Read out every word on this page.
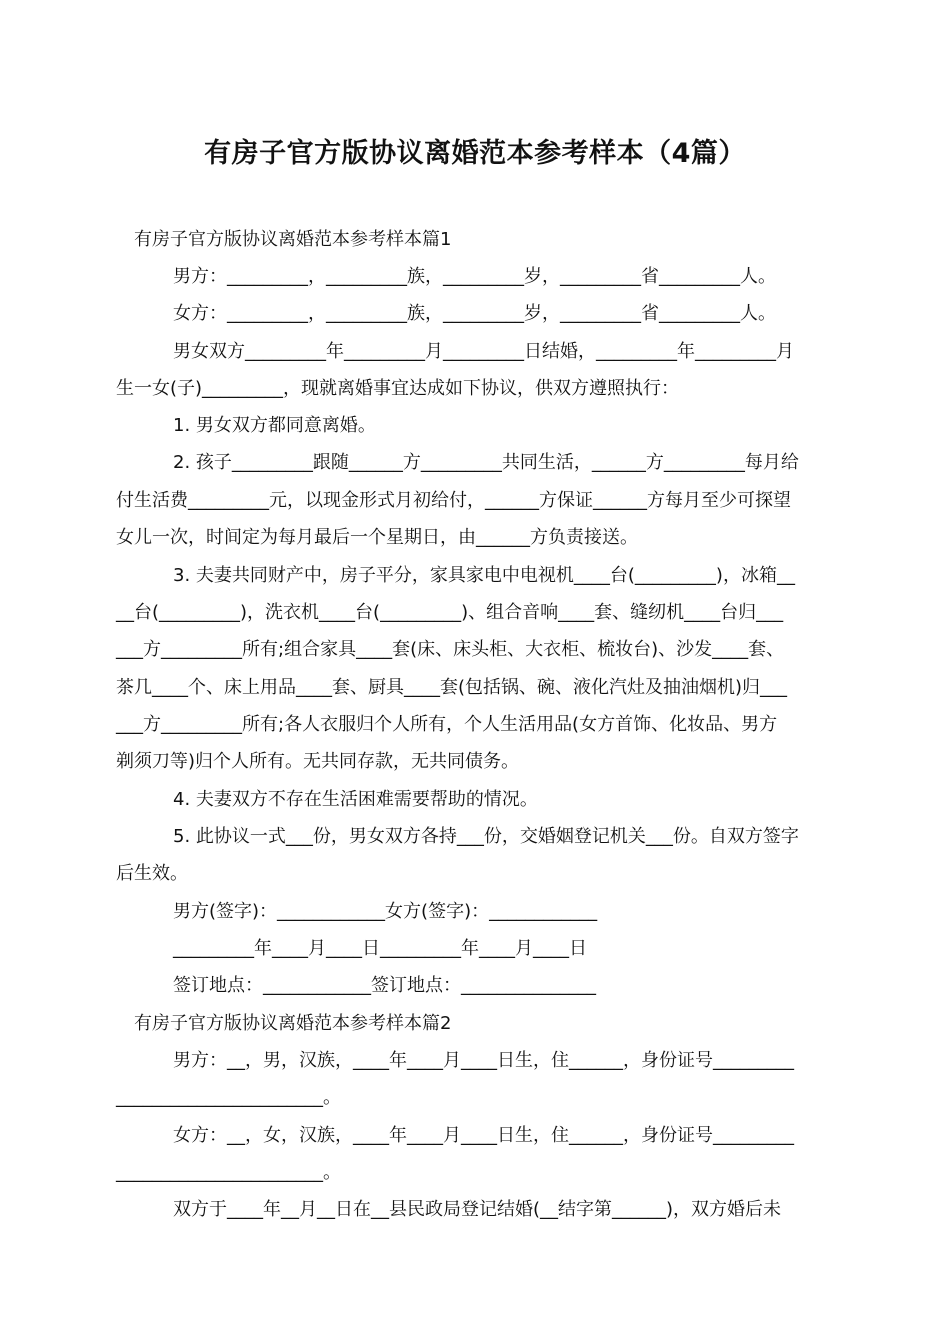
有房子官方版协议离婚范本参考样本（4篇）
有房子官方版协议离婚范本参考样本篇1
男方：_________，_________族，_________岁，_________省_________人。
女方：_________，_________族，_________岁，_________省_________人。
男女双方_________年_________月_________日结婚，_________年_________月
生一女(子)_________，现就离婚事宜达成如下协议，供双方遵照执行：
1. 男女双方都同意离婚。
2. 孩子_________跟随______方_________共同生活，______方_________每月给
付生活费_________元，以现金形式月初给付，______方保证______方每月至少可探望
女儿一次，时间定为每月最后一个星期日，由______方负责接送。
3. 夫妻共同财产中，房子平分，家具家电中电视机____台(_________)，冰箱__
__台(_________)，洗衣机____台(_________)、组合音响____套、缝纫机____台归___
___方_________所有;组合家具____套(床、床头柜、大衣柜、梳妆台)、沙发____套、
茶几____个、床上用品____套、厨具____套(包括锅、碗、液化汽灶及抽油烟机)归___
___方_________所有;各人衣服归个人所有，个人生活用品(女方首饰、化妆品、男方
剃须刀等)归个人所有。无共同存款，无共同债务。
4. 夫妻双方不存在生活困难需要帮助的情况。
5. 此协议一式___份，男女双方各持___份，交婚姻登记机关___份。自双方签字
后生效。
男方(签字)：____________女方(签字)：____________
_________年____月____日_________年____月____日
签订地点：____________签订地点：_______________
有房子官方版协议离婚范本参考样本篇2
男方：__，男，汉族，____年____月____日生，住______，身份证号_________
_______________________。
女方：__，女，汉族，____年____月____日生，住______，身份证号_________
_______________________。
双方于____年__月__日在__县民政局登记结婚(__结字第______)，双方婚后未
